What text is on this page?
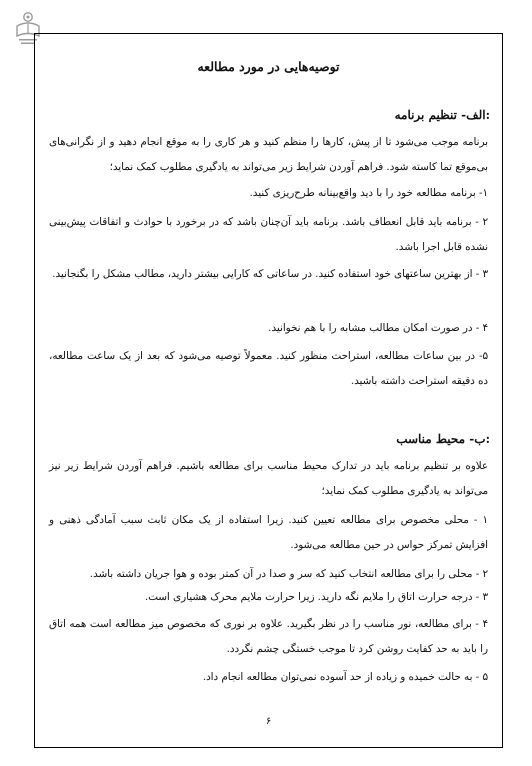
توصیه‌هایی در مورد مطالعه
الف- تنظیم برنامه:
برنامه موجب می‌شود تا از پیش، کارها را منظم کنید و هر کاری را به موقع انجام دهید و از نگرانی‌های بی‌موقع تما کاسته شود. فراهم آوردن شرایط زیر می‌تواند به یادگیری مطلوب کمک نماید؛
۱- برنامه مطالعه خود را با دید واقع‌بینانه طرح‌ریزی کنید.
۲ - برنامه باید قابل انعطاف باشد. برنامه باید آن‌چنان باشد که در برخورد با حوادث و اتفاقات پیش‌بینی نشده قابل اجرا باشد.
۳ - از بهترین ساعتهای خود استفاده کنید. در ساعاتی که کارایی بیشتر دارید، مطالب مشکل را بگنجانید.
۴ - در صورت امکان مطالب مشابه را با هم نخوانید.
۵- در بین ساعات مطالعه، استراحت منظور کنید. معمولاً توصیه می‌شود که بعد از یک ساعت مطالعه، ده دقیقه استراحت داشته باشید.
ب- محیط مناسب:
علاوه بر تنظیم برنامه باید در تدارک محیط مناسب برای مطالعه باشیم. فراهم آوردن شرایط زیر نیز می‌تواند به یادگیری مطلوب کمک نماید؛
۱ - محلی مخصوص برای مطالعه تعیین کنید. زیرا استفاده از یک مکان ثابت سبب آمادگی ذهنی و افزایش تمرکز حواس در حین مطالعه می‌شود.
۲ - محلی را برای مطالعه انتخاب کنید که سر و صدا در آن کمتر بوده و هوا جریان داشته باشد.
۳ - درجه حرارت اتاق را ملایم نگه دارید. زیرا حرارت ملایم محرک هشیاری است.
۴ - برای مطالعه، نور مناسب را در نظر بگیرید. علاوه بر نوری که مخصوص میز مطالعه است همه اتاق را باید به حد کفایت روشن کرد تا موجب خستگی چشم نگردد.
۵ - به حالت خمیده و زیاده از حد آسوده نمی‌توان مطالعه انجام داد.
۶
